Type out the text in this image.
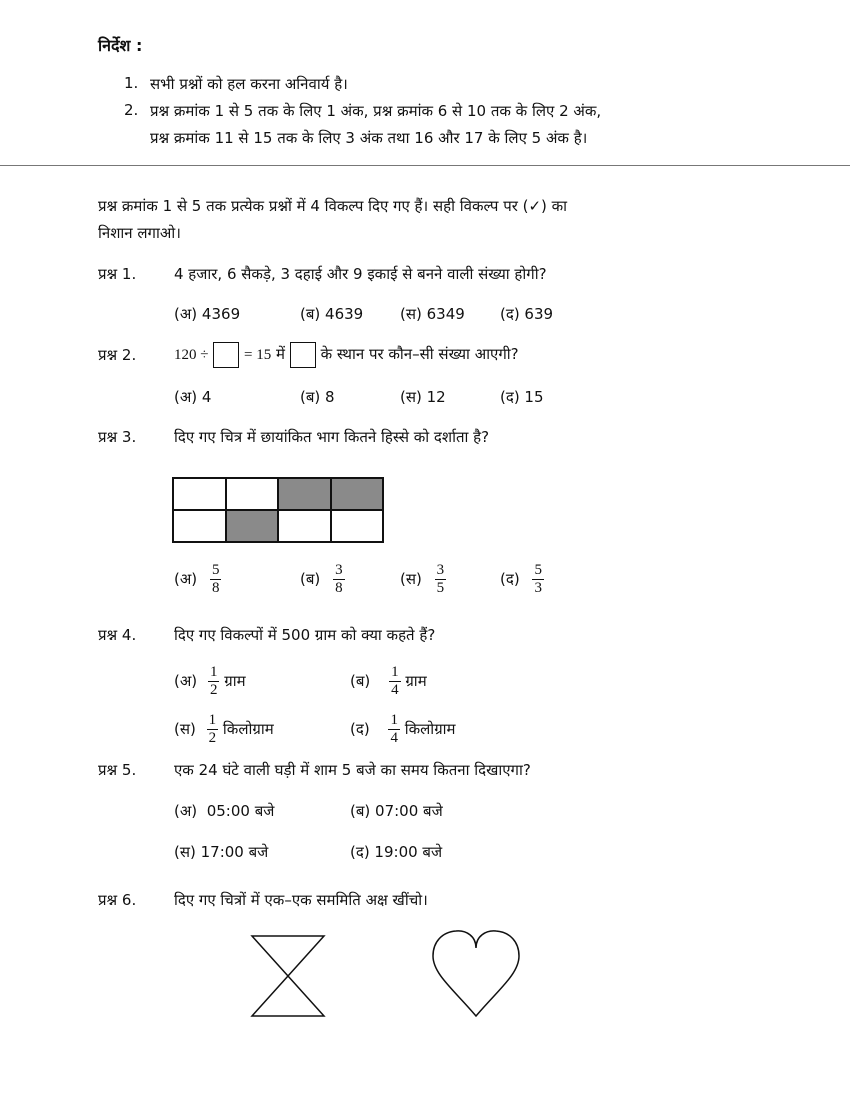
निर्देश :
1. सभी प्रश्नों को हल करना अनिवार्य है।
2. प्रश्न क्रमांक 1 से 5 तक के लिए 1 अंक, प्रश्न क्रमांक 6 से 10 तक के लिए 2 अंक,
प्रश्न क्रमांक 11 से 15 तक के लिए 3 अंक तथा 16 और 17 के लिए 5 अंक है।
प्रश्न क्रमांक 1 से 5 तक प्रत्येक प्रश्नों में 4 विकल्प दिए गए हैं। सही विकल्प पर (✓) का
निशान लगाओ।
प्रश्न 1.	4 हजार, 6 सैकड़े, 3 दहाई और 9 इकाई से बनने वाली संख्या होगी?
(अ) 4369	(ब) 4639 (स) 6349 (द) 639
प्रश्न 2.	120 ÷ = 15 में के स्थान पर कौन–सी संख्या आएगी?
(अ) 4	(ब) 8	(स) 12	(द) 15
प्रश्न 3.	दिए गए चित्र में छायांकित भाग कितने हिस्से को दर्शाता है?
(अ) $\frac{5}{8}$	(ब) $\frac{3}{8}$	(स) $\frac{3}{5}$	(द) $\frac{5}{3}$
प्रश्न 4.	दिए गए विकल्पों में 500 ग्राम को क्या कहते हैं?
(अ) $\frac{1}{2}$ ग्राम	(ब) $\frac{1}{4}$ ग्राम
(स) $\frac{1}{2}$ किलोग्राम	(द) $\frac{1}{4}$ किलोग्राम
प्रश्न 5.	एक 24 घंटे वाली घड़ी में शाम 5 बजे का समय कितना दिखाएगा?
(अ)  05:00 बजे	(ब) 07:00 बजे
(स) 17:00 बजे	(द) 19:00 बजे
प्रश्न 6.	दिए गए चित्रों में एक–एक सममिति अक्ष खींचो।
